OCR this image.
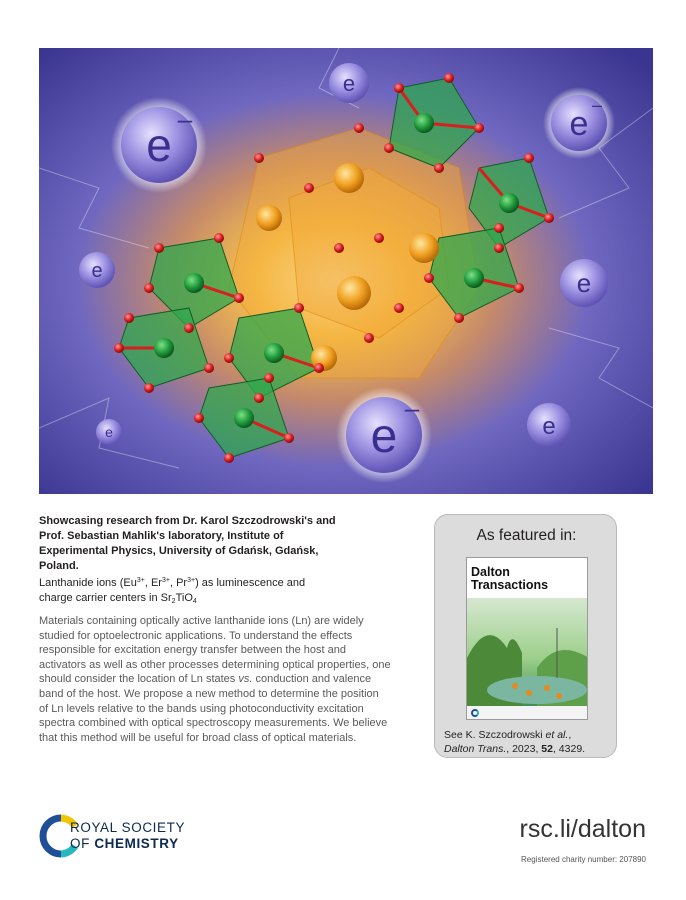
e –
e
–
e –
e
e	e
e
e

Showcasing research from Dr. Karol Szczodrowski's and Prof. Sebastian Mahlik's laboratory, Institute of Experimental Physics, University of Gdańsk, Gdańsk, Poland.

Lanthanide ions ($Eu^{3+}$, $Er^{3+}$, $Pr^{3+}$) as luminescence and charge carrier centers in $Sr_2TiO_4$

Materials containing optically active lanthanide ions (Ln) are widely studied for optoelectronic applications. To understand the effects responsible for excitation energy transfer between the host and activators as well as other processes determining optical properties, one should consider the location of Ln states vs. conduction and valence band of the host. We propose a new method to determine the position of Ln levels relative to the bands using photoconductivity excitation spectra combined with optical spectroscopy measurements. We believe that this method will be useful for broad class of optical materials.

As featured in:
Dalton
Transactions

See K. Szczodrowski et al.,
Dalton Trans., 2023, 52, 4329.

ROYAL SOCIETY
OF CHEMISTRY	rsc.li/dalton
Registered charity number: 207890
